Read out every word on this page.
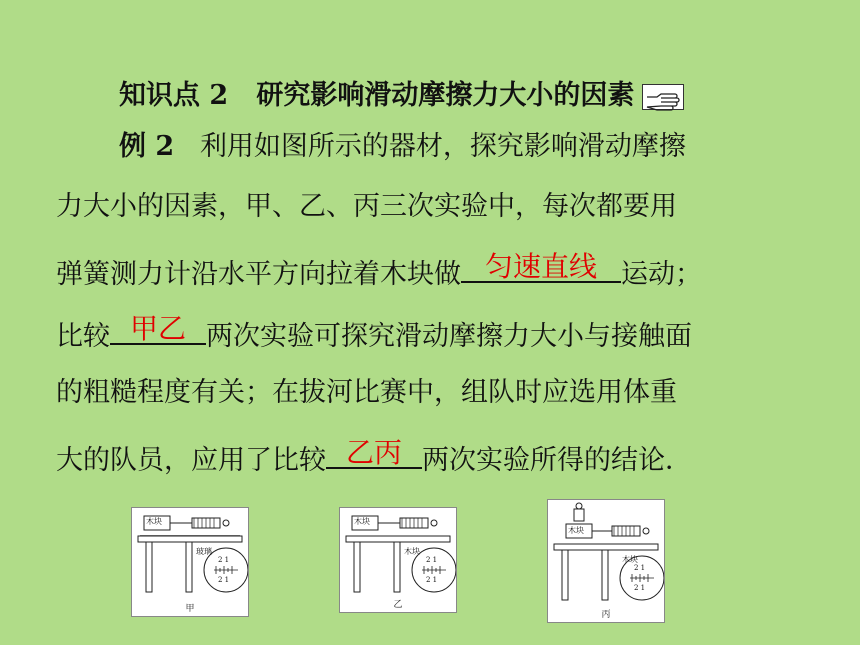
知识点 2 研究影响滑动摩擦力大小的因素
例 2 利用如图所示的器材，探究影响滑动摩擦
力大小的因素，甲、乙、丙三次实验中，每次都要用
弹簧测力计沿水平方向拉着木块做 匀速直线 运动；
比较 甲乙 两次实验可探究滑动摩擦力大小与接触面
的粗糙程度有关；在拔河比赛中，组队时应选用体重
大的队员，应用了比较 乙丙 两次实验所得的结论．
木块
玻璃
2 1
2 1
甲
木块
木块
2 1
2 1
乙
木块
木块
2 1
2 1
丙
